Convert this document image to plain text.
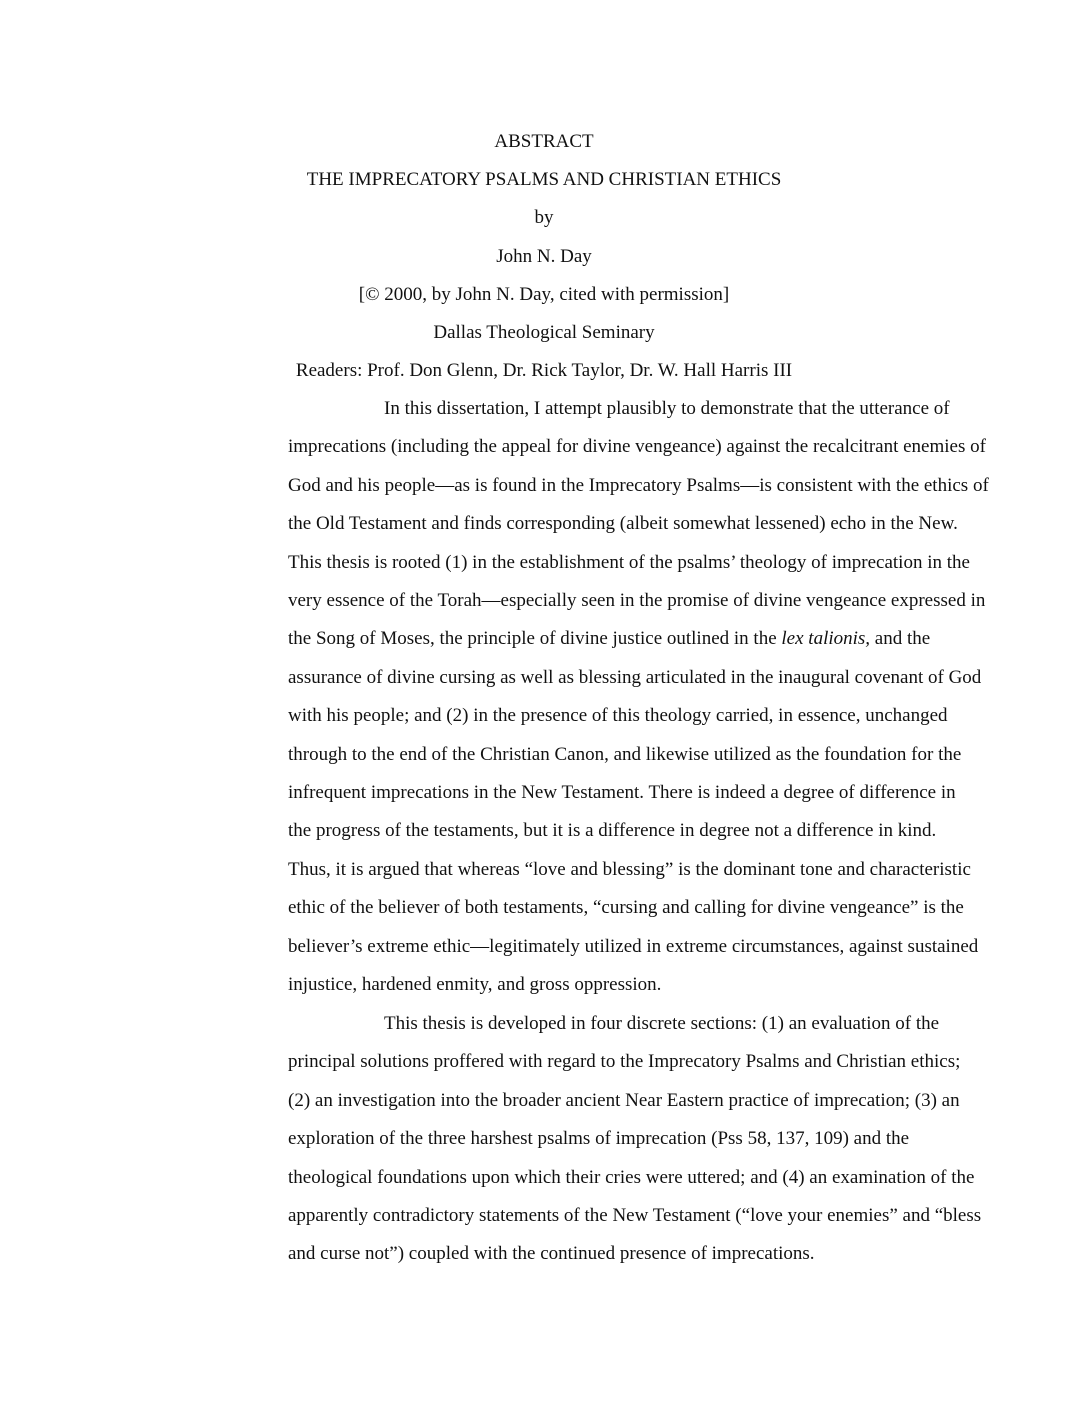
ABSTRACT
THE IMPRECATORY PSALMS AND CHRISTIAN ETHICS
by
John N. Day
[© 2000, by John N. Day, cited with permission]
Dallas Theological Seminary
Readers: Prof. Don Glenn, Dr. Rick Taylor, Dr. W. Hall Harris III
In this dissertation, I attempt plausibly to demonstrate that the utterance of
imprecations (including the appeal for divine vengeance) against the recalcitrant enemies of
God and his people—as is found in the Imprecatory Psalms—is consistent with the ethics of
the Old Testament and finds corresponding (albeit somewhat lessened) echo in the New.
This thesis is rooted (1) in the establishment of the psalms’ theology of imprecation in the
very essence of the Torah—especially seen in the promise of divine vengeance expressed in
the Song of Moses, the principle of divine justice outlined in the lex talionis, and the
assurance of divine cursing as well as blessing articulated in the inaugural covenant of God
with his people; and (2) in the presence of this theology carried, in essence, unchanged
through to the end of the Christian Canon, and likewise utilized as the foundation for the
infrequent imprecations in the New Testament. There is indeed a degree of difference in
the progress of the testaments, but it is a difference in degree not a difference in kind.
Thus, it is argued that whereas “love and blessing” is the dominant tone and characteristic
ethic of the believer of both testaments, “cursing and calling for divine vengeance” is the
believer’s extreme ethic—legitimately utilized in extreme circumstances, against sustained
injustice, hardened enmity, and gross oppression.
This thesis is developed in four discrete sections: (1) an evaluation of the
principal solutions proffered with regard to the Imprecatory Psalms and Christian ethics;
(2) an investigation into the broader ancient Near Eastern practice of imprecation; (3) an
exploration of the three harshest psalms of imprecation (Pss 58, 137, 109) and the
theological foundations upon which their cries were uttered; and (4) an examination of the
apparently contradictory statements of the New Testament (“love your enemies” and “bless
and curse not”) coupled with the continued presence of imprecations.
